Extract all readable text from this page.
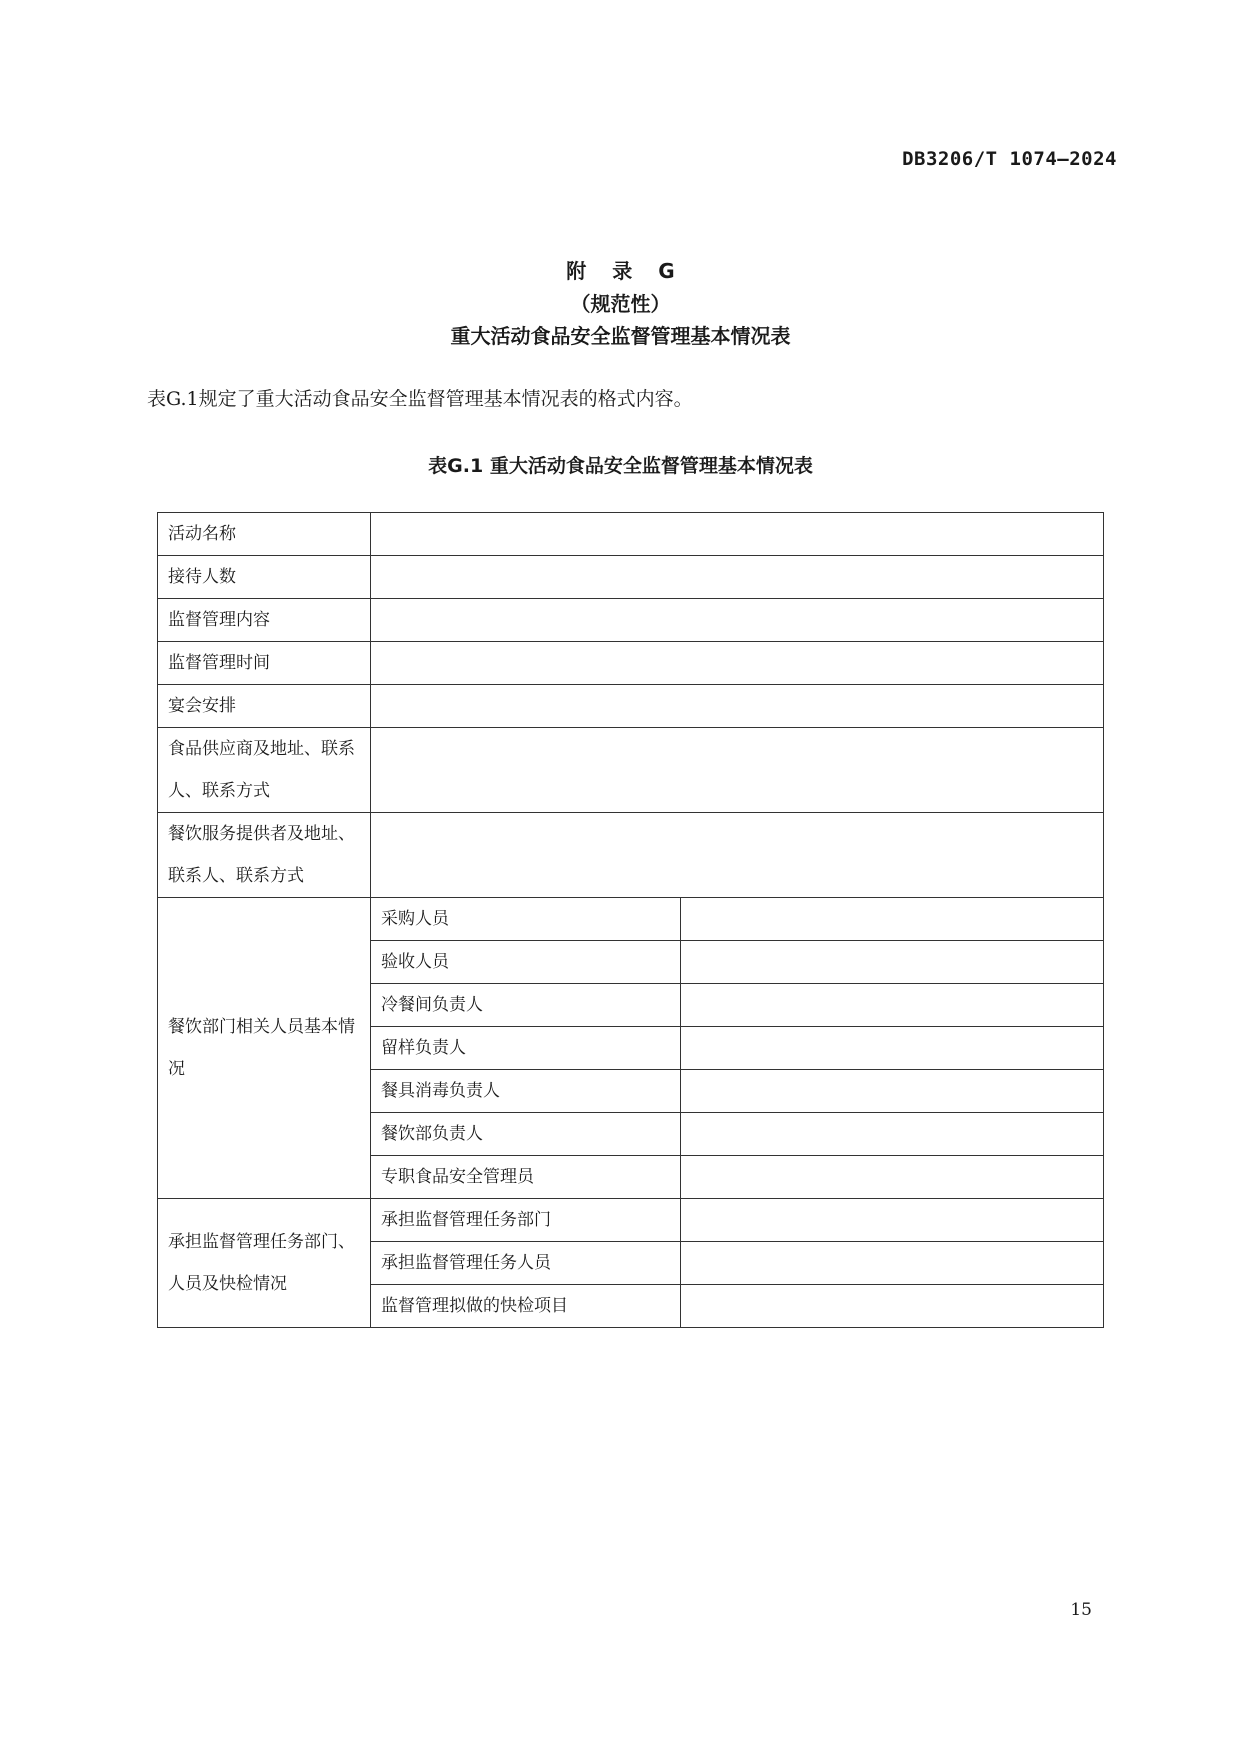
DB3206/T 1074—2024
附 录 G
（规范性）
重大活动食品安全监督管理基本情况表
表G.1规定了重大活动食品安全监督管理基本情况表的格式内容。
表G.1 重大活动食品安全监督管理基本情况表
活动名称		
接待人数		
监督管理内容		
监督管理时间		
宴会安排		

食品供应商及地址、联系
人、联系方式		

餐饮服务提供者及地址、
联系人、联系方式		

餐饮部门相关人员基本情
况	采购人员	
	验收人员	
	冷餐间负责人	
	留样负责人	
	餐具消毒负责人	
	餐饮部负责人	
	专职食品安全管理员	

承担监督管理任务部门、
人员及快检情况	承担监督管理任务部门	
	承担监督管理任务人员	
	监督管理拟做的快检项目	
15
